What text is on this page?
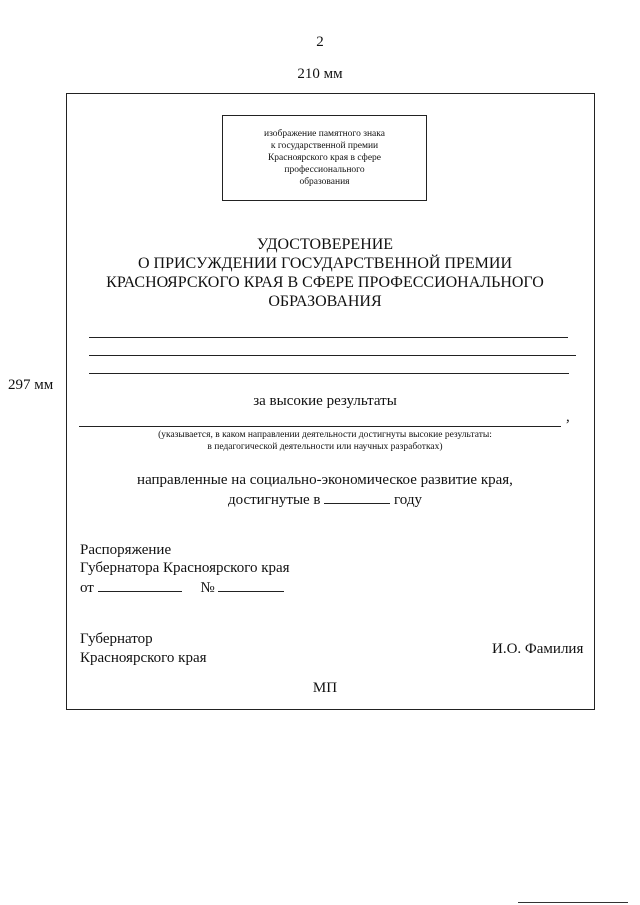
2
210 мм
297 мм
изображение памятного знака
к государственной премии
Красноярского края в сфере
профессионального
образования
УДОСТОВЕРЕНИЕ
О ПРИСУЖДЕНИИ ГОСУДАРСТВЕННОЙ ПРЕМИИ
КРАСНОЯРСКОГО КРАЯ В СФЕРЕ ПРОФЕССИОНАЛЬНОГО
ОБРАЗОВАНИЯ
за высокие результаты
,
(указывается, в каком направлении деятельности достигнуты высокие результаты:
в педагогической деятельности или научных разработках)
направленные на социально-экономическое развитие края,
достигнутые в	году
Распоряжение
Губернатора Красноярского края
от	№
Губернатор
Красноярского края
И.О. Фамилия
МП
